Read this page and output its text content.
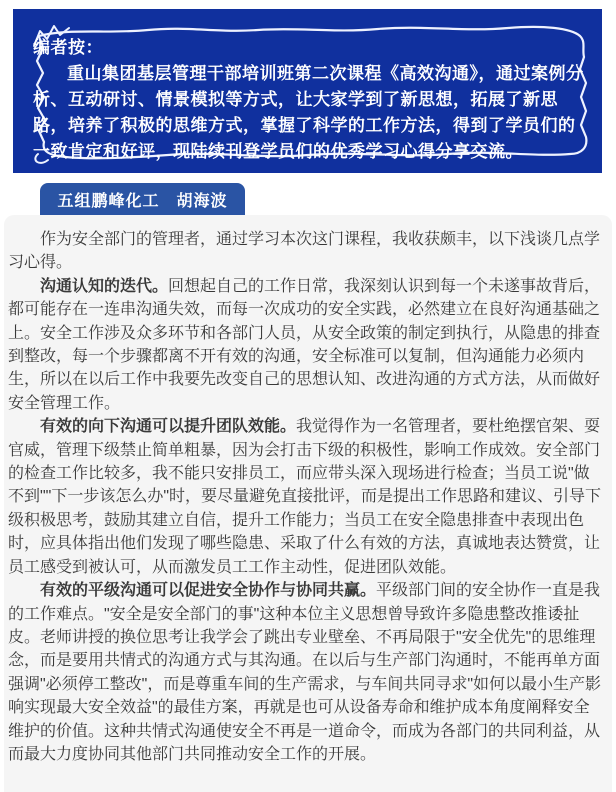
编者按：

重山集团基层管理干部培训班第二次课程《高效沟通》，通过案例分析、互动研讨、情景模拟等方式，让大家学到了新思想，拓展了新思路，培养了积极的思维方式，掌握了科学的工作方法，得到了学员们的一致肯定和好评，现陆续刊登学员们的优秀学习心得分享交流。

五组鹏峰化工　胡海波

作为安全部门的管理者，通过学习本次这门课程，我收获颇丰，以下浅谈几点学习心得。

沟通认知的迭代。回想起自己的工作日常，我深刻认识到每一个未遂事故背后，都可能存在一连串沟通失效，而每一次成功的安全实践，必然建立在良好沟通基础之上。安全工作涉及众多环节和各部门人员，从安全政策的制定到执行，从隐患的排查到整改，每一个步骤都离不开有效的沟通，安全标准可以复制，但沟通能力必须内生，所以在以后工作中我要先改变自己的思想认知、改进沟通的方式方法，从而做好安全管理工作。

有效的向下沟通可以提升团队效能。我觉得作为一名管理者，要杜绝摆官架、耍官威，管理下级禁止简单粗暴，因为会打击下级的积极性，影响工作成效。安全部门的检查工作比较多，我不能只安排员工，而应带头深入现场进行检查；当员工说"做不到""下一步该怎么办"时，要尽量避免直接批评，而是提出工作思路和建议、引导下级积极思考，鼓励其建立自信，提升工作能力；当员工在安全隐患排查中表现出色时，应具体指出他们发现了哪些隐患、采取了什么有效的方法，真诚地表达赞赏，让员工感受到被认可，从而激发员工工作主动性，促进团队效能。

有效的平级沟通可以促进安全协作与协同共赢。平级部门间的安全协作一直是我的工作难点。"安全是安全部门的事"这种本位主义思想曾导致许多隐患整改推诿扯皮。老师讲授的换位思考让我学会了跳出专业壁垒、不再局限于"安全优先"的思维理念，而是要用共情式的沟通方式与其沟通。在以后与生产部门沟通时，不能再单方面强调"必须停工整改"，而是尊重车间的生产需求，与车间共同寻求"如何以最小生产影响实现最大安全效益"的最佳方案，再就是也可从设备寿命和维护成本角度阐释安全维护的价值。这种共情式沟通使安全不再是一道命令，而成为各部门的共同利益，从而最大力度协同其他部门共同推动安全工作的开展。
